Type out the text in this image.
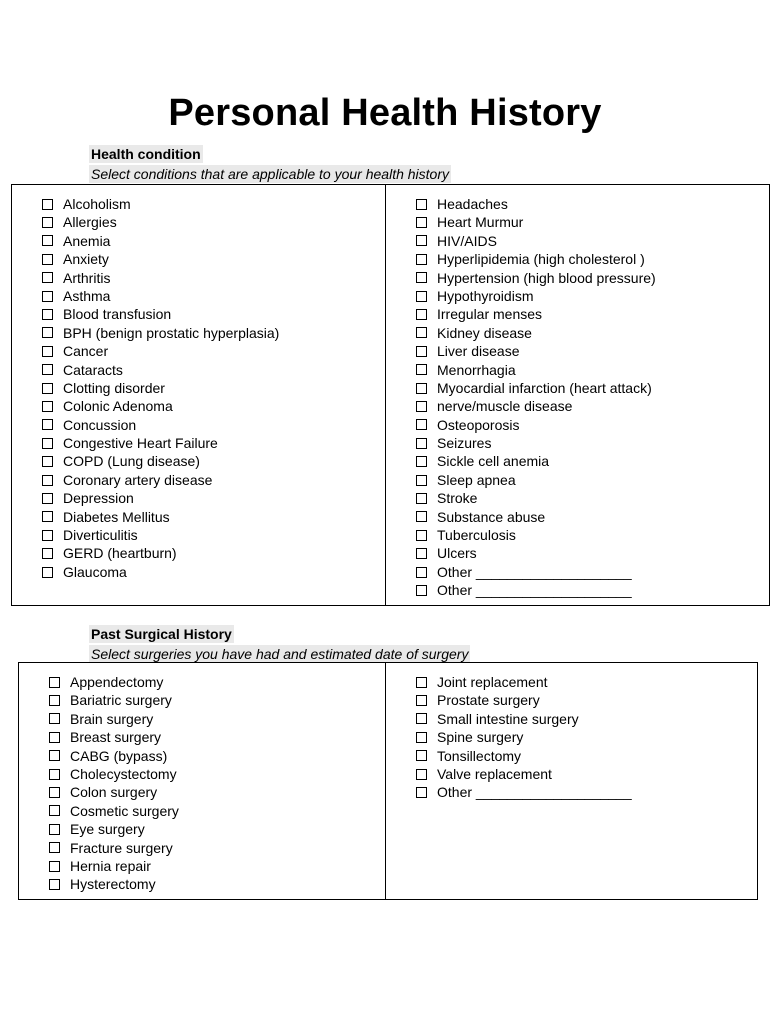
Personal Health History
Health condition
Select conditions that are applicable to your health history
Alcoholism
Allergies
Anemia
Anxiety
Arthritis
Asthma
Blood transfusion
BPH (benign prostatic hyperplasia)
Cancer
Cataracts
Clotting disorder
Colonic Adenoma
Concussion
Congestive Heart Failure
COPD (Lung disease)
Coronary artery disease
Depression
Diabetes Mellitus
Diverticulitis
GERD (heartburn)
Glaucoma
Headaches
Heart Murmur
HIV/AIDS
Hyperlipidemia (high cholesterol )
Hypertension (high blood pressure)
Hypothyroidism
Irregular menses
Kidney disease
Liver disease
Menorrhagia
Myocardial infarction (heart attack)
nerve/muscle disease
Osteoporosis
Seizures
Sickle cell anemia
Sleep apnea
Stroke
Substance abuse
Tuberculosis
Ulcers
Other ____________________
Other ____________________
Past Surgical History
Select surgeries you have had and estimated date of surgery
Appendectomy
Bariatric surgery
Brain surgery
Breast surgery
CABG (bypass)
Cholecystectomy
Colon surgery
Cosmetic surgery
Eye surgery
Fracture surgery
Hernia repair
Hysterectomy
Joint replacement
Prostate surgery
Small intestine surgery
Spine surgery
Tonsillectomy
Valve replacement
Other ____________________
